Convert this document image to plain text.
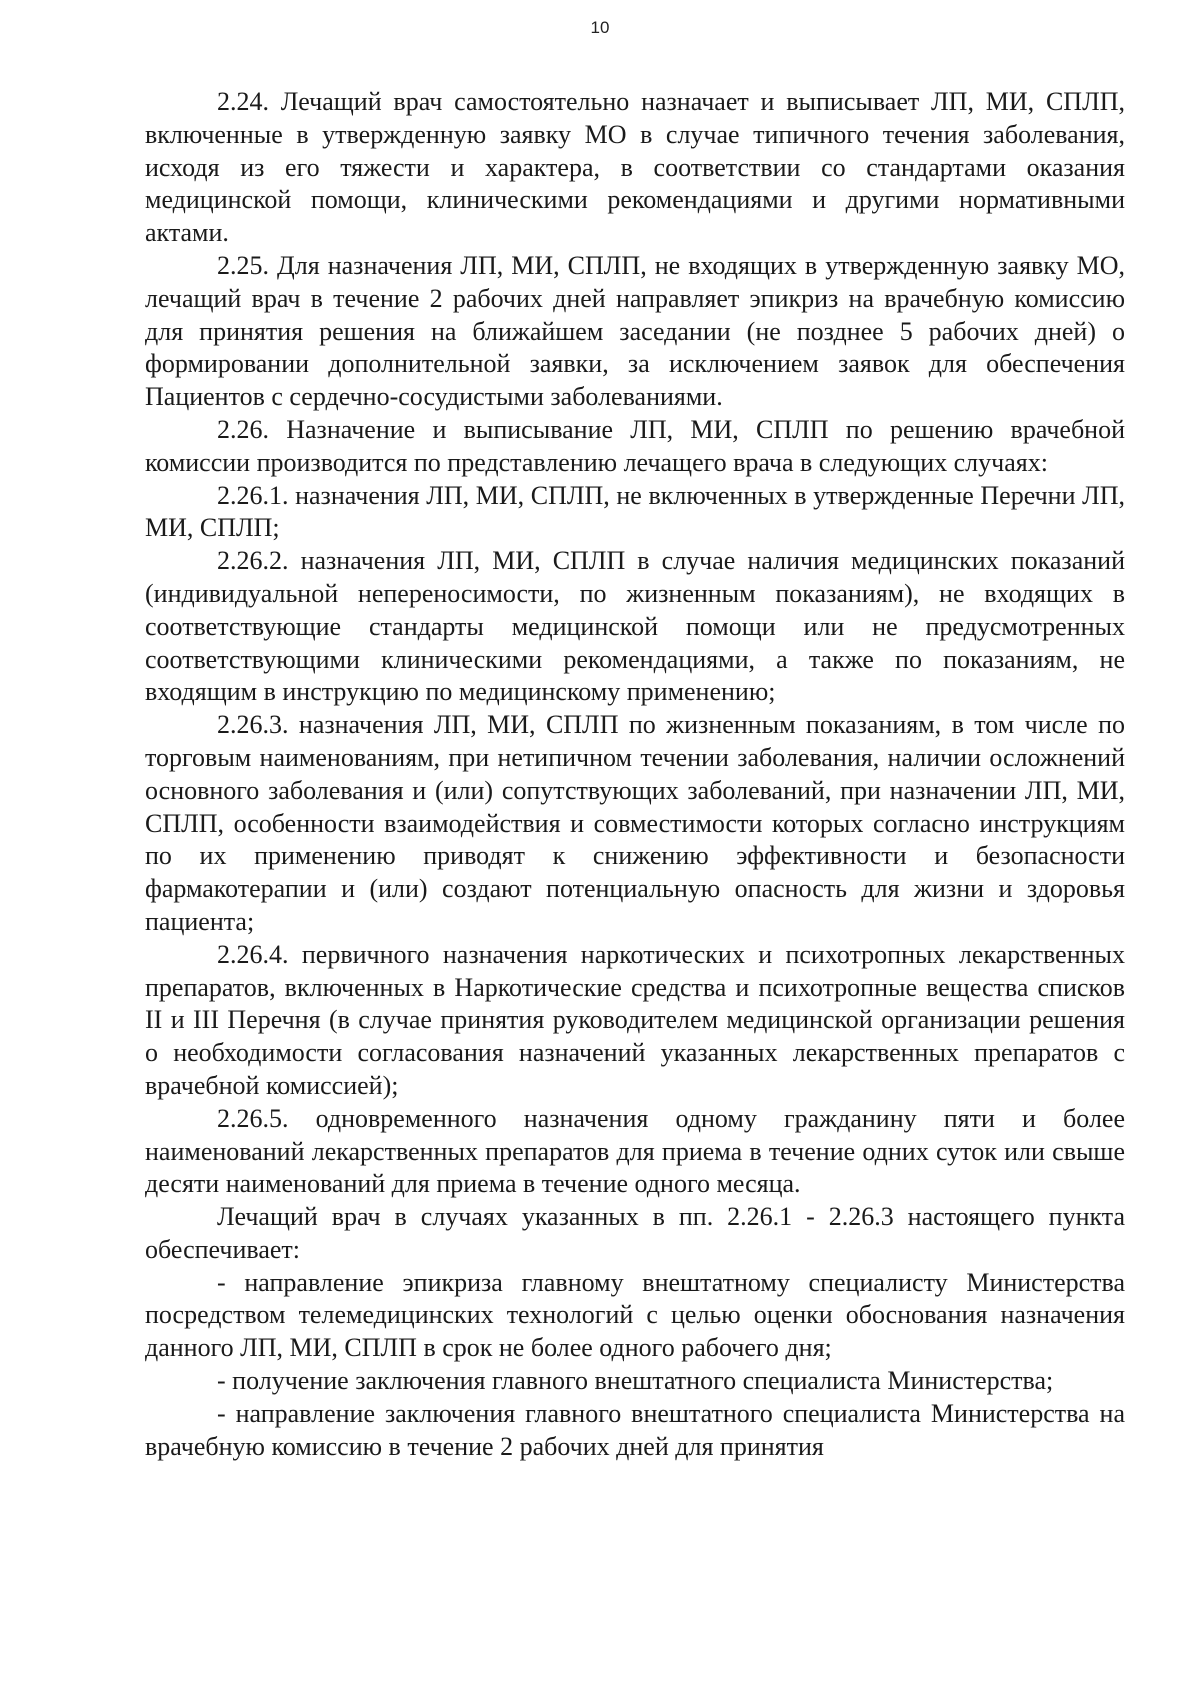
10

2.24. Лечащий врач самостоятельно назначает и выписывает ЛП, МИ, СПЛП, включенные в утвержденную заявку МО в случае типичного течения заболевания, исходя из его тяжести и характера, в соответствии со стандартами оказания медицинской помощи, клиническими рекомендациями и другими нормативными актами.

2.25. Для назначения ЛП, МИ, СПЛП, не входящих в утвержденную заявку МО, лечащий врач в течение 2 рабочих дней направляет эпикриз на врачебную комиссию для принятия решения на ближайшем заседании (не позднее 5 рабочих дней) о формировании дополнительной заявки, за исключением заявок для обеспечения Пациентов с сердечно-сосудистыми заболеваниями.

2.26. Назначение и выписывание ЛП, МИ, СПЛП по решению врачебной комиссии производится по представлению лечащего врача в следующих случаях:

2.26.1. назначения ЛП, МИ, СПЛП, не включенных в утвержденные Перечни ЛП, МИ, СПЛП;

2.26.2. назначения ЛП, МИ, СПЛП в случае наличия медицинских показаний (индивидуальной непереносимости, по жизненным показаниям), не входящих в соответствующие стандарты медицинской помощи или не предусмотренных соответствующими клиническими рекомендациями, а также по показаниям, не входящим в инструкцию по медицинскому применению;

2.26.3. назначения ЛП, МИ, СПЛП по жизненным показаниям, в том числе по торговым наименованиям, при нетипичном течении заболевания, наличии осложнений основного заболевания и (или) сопутствующих заболеваний, при назначении ЛП, МИ, СПЛП, особенности взаимодействия и совместимости которых согласно инструкциям по их применению приводят к снижению эффективности и безопасности фармакотерапии и (или) создают потенциальную опасность для жизни и здоровья пациента;

2.26.4. первичного назначения наркотических и психотропных лекарственных препаратов, включенных в Наркотические средства и психотропные вещества списков II и III Перечня (в случае принятия руководителем медицинской организации решения о необходимости согласования назначений указанных лекарственных препаратов с врачебной комиссией);

2.26.5. одновременного назначения одному гражданину пяти и более наименований лекарственных препаратов для приема в течение одних суток или свыше десяти наименований для приема в течение одного месяца.

Лечащий врач в случаях указанных в пп. 2.26.1 - 2.26.3 настоящего пункта обеспечивает:

- направление эпикриза главному внештатному специалисту Министерства посредством телемедицинских технологий с целью оценки обоснования назначения данного ЛП, МИ, СПЛП в срок не более одного рабочего дня;

- получение заключения главного внештатного специалиста Министерства;

- направление заключения главного внештатного специалиста Министерства на врачебную комиссию в течение 2 рабочих дней для принятия
